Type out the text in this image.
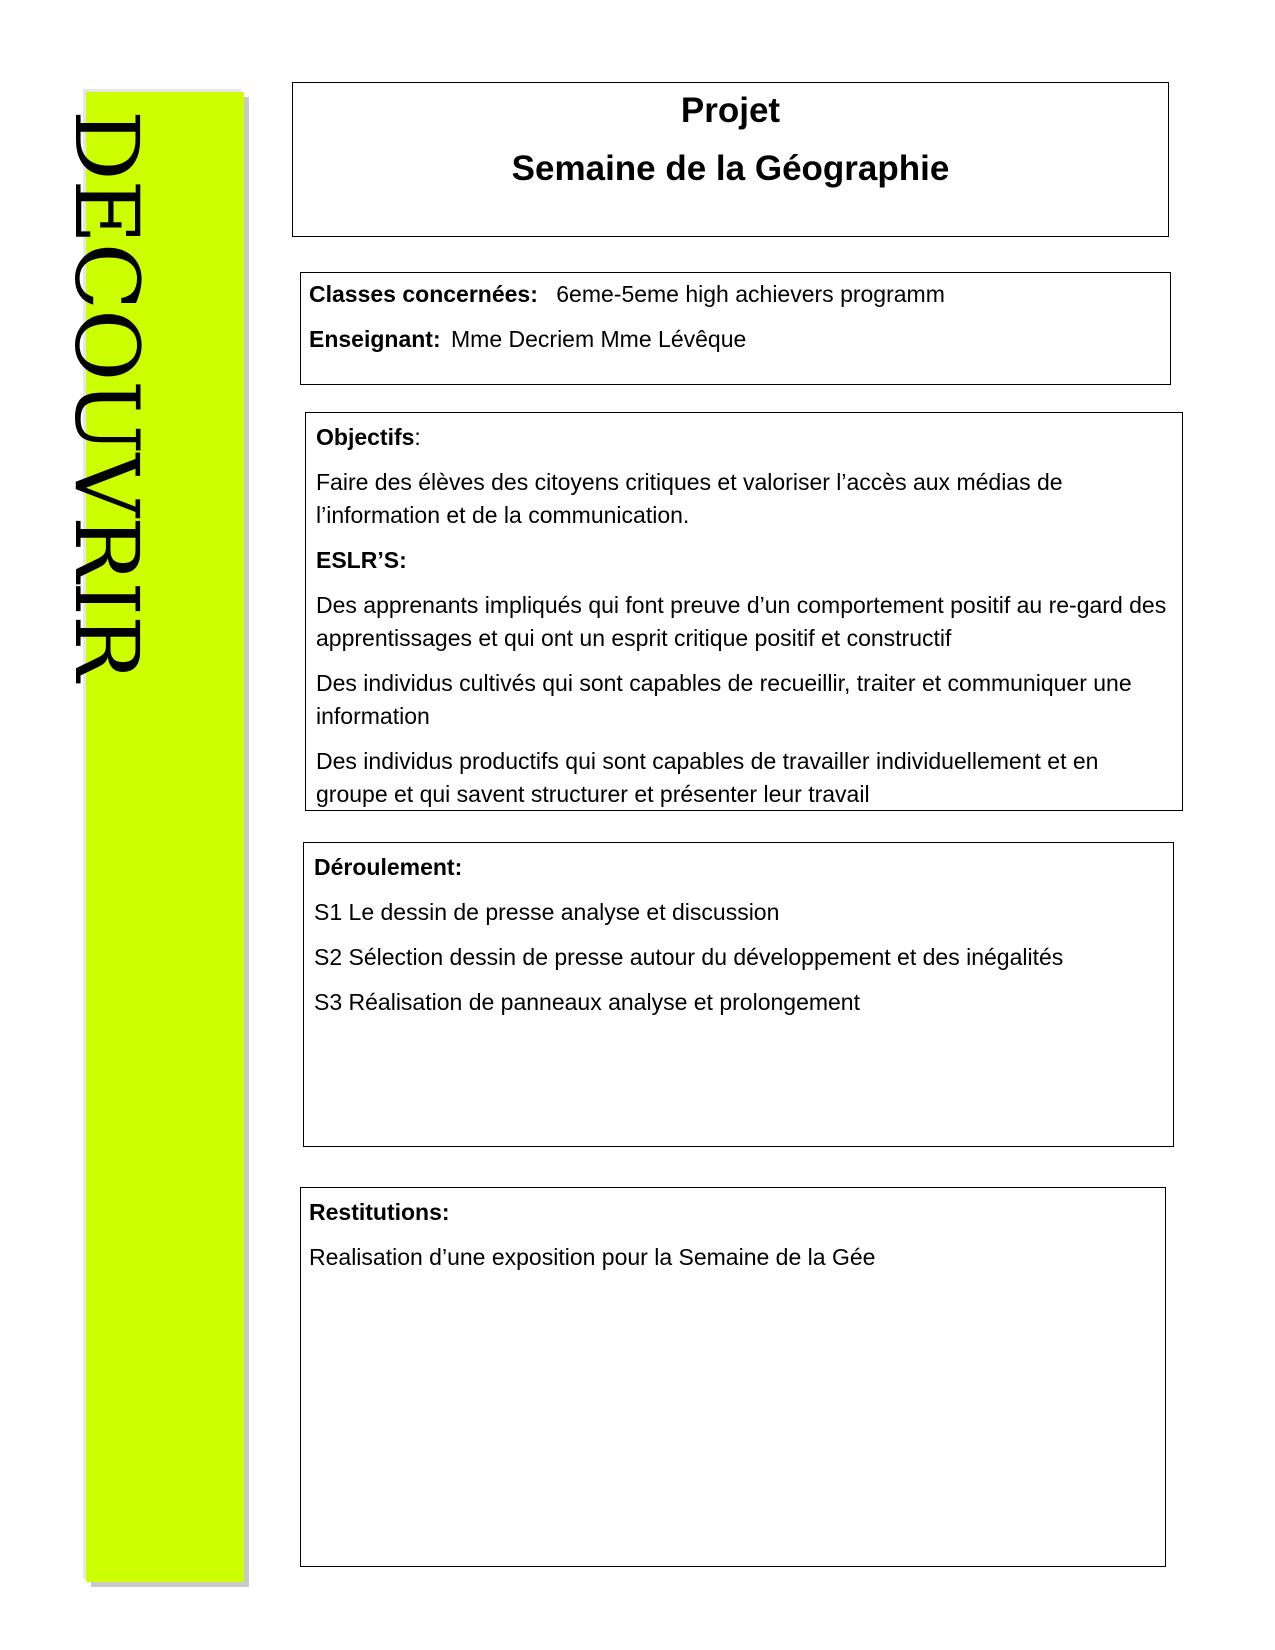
DECOUVRIR	Projet
Semaine de la Géographie

Classes concernées: 6eme-5eme high achievers programm

Enseignant: Mme Decriem Mme Lévêque

Objectifs:

Faire des élèves des citoyens critiques et valoriser l’accès aux médias de l’information et de la communication.

ESLR’S:

Des apprenants impliqués qui font preuve d’un comportement positif au re-gard des apprentissages et qui ont un esprit critique positif et constructif

Des individus cultivés qui sont capables de recueillir, traiter et communiquer une information

Des individus productifs qui sont capables de travailler individuellement et en groupe et qui savent structurer et présenter leur travail

Déroulement:

S1 Le dessin de presse analyse et discussion

S2 Sélection dessin de presse autour du développement et des inégalités

S3 Réalisation de panneaux analyse et prolongement

Restitutions:

Realisation d’une exposition pour la Semaine de la Gée
